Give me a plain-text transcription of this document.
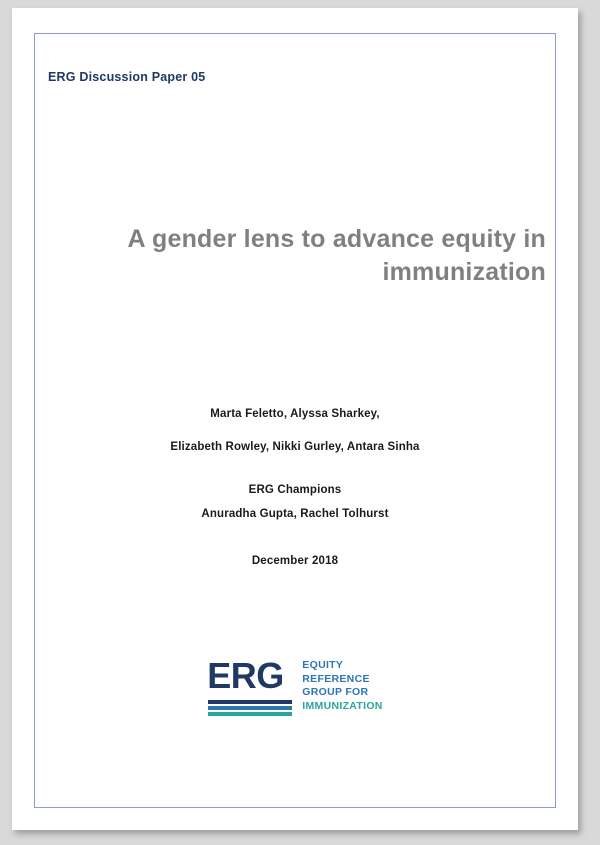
ERG Discussion Paper 05
A gender lens to advance equity in immunization

Marta Feletto, Alyssa Sharkey,

Elizabeth Rowley, Nikki Gurley, Antara Sinha

ERG Champions

Anuradha Gupta, Rachel Tolhurst

December 2018

ERG	EQUITY
REFERENCE
GROUP FOR
IMMUNIZATION
